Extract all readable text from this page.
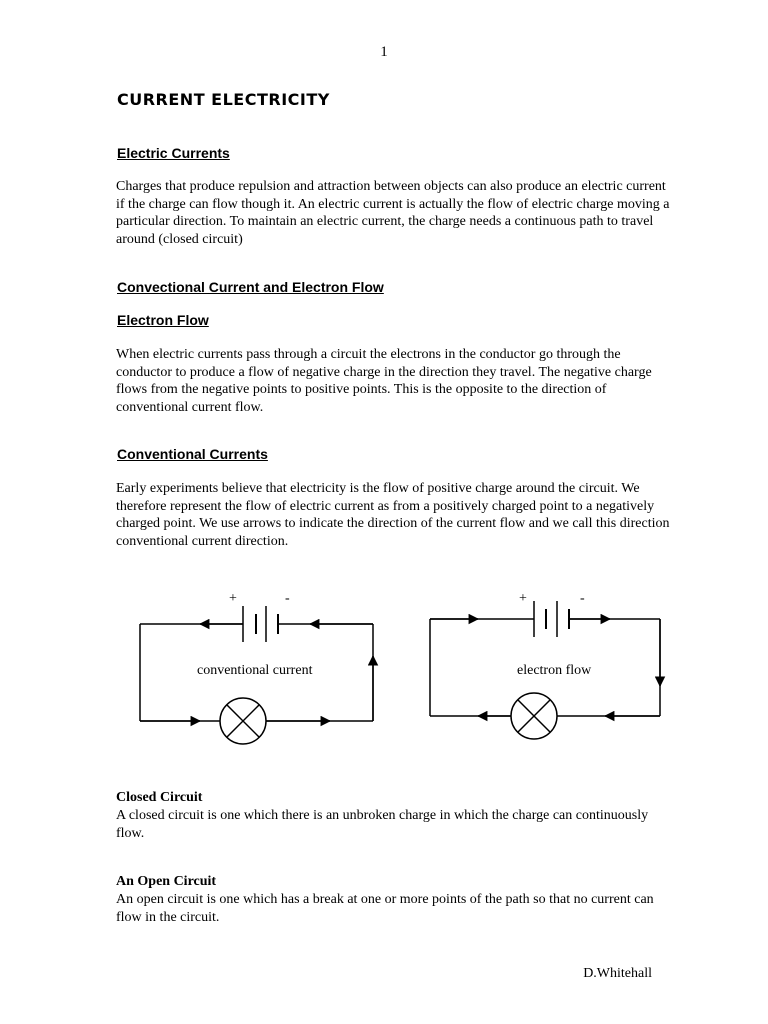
1
CURRENT ELECTRICITY
Electric Currents
Charges that produce repulsion and attraction between objects can also produce an electric current if the charge can flow though it. An electric current is actually the flow of electric charge moving a particular direction. To maintain an electric current, the charge needs a continuous path to travel around (closed circuit)
Convectional Current and Electron Flow
Electron Flow
When electric currents pass through a circuit the electrons in the conductor go through the conductor to produce a flow of negative charge in the direction they travel. The negative charge flows from the negative points to positive points. This is the opposite to the direction of conventional current flow.
Conventional Currents
Early experiments believe that electricity is the flow of positive charge around the circuit. We therefore represent the flow of electric current as from a positively charged point to a negatively charged point. We use arrows to indicate the direction of the current flow and we call this direction conventional current direction.
+	-
conventional current
+	-
electron flow
Closed Circuit
A closed circuit is one which there is an unbroken charge in which the charge can continuously flow.
An Open Circuit
An open circuit is one which has a break at one or more points of the path so that no current can flow in the circuit.
D.Whitehall
